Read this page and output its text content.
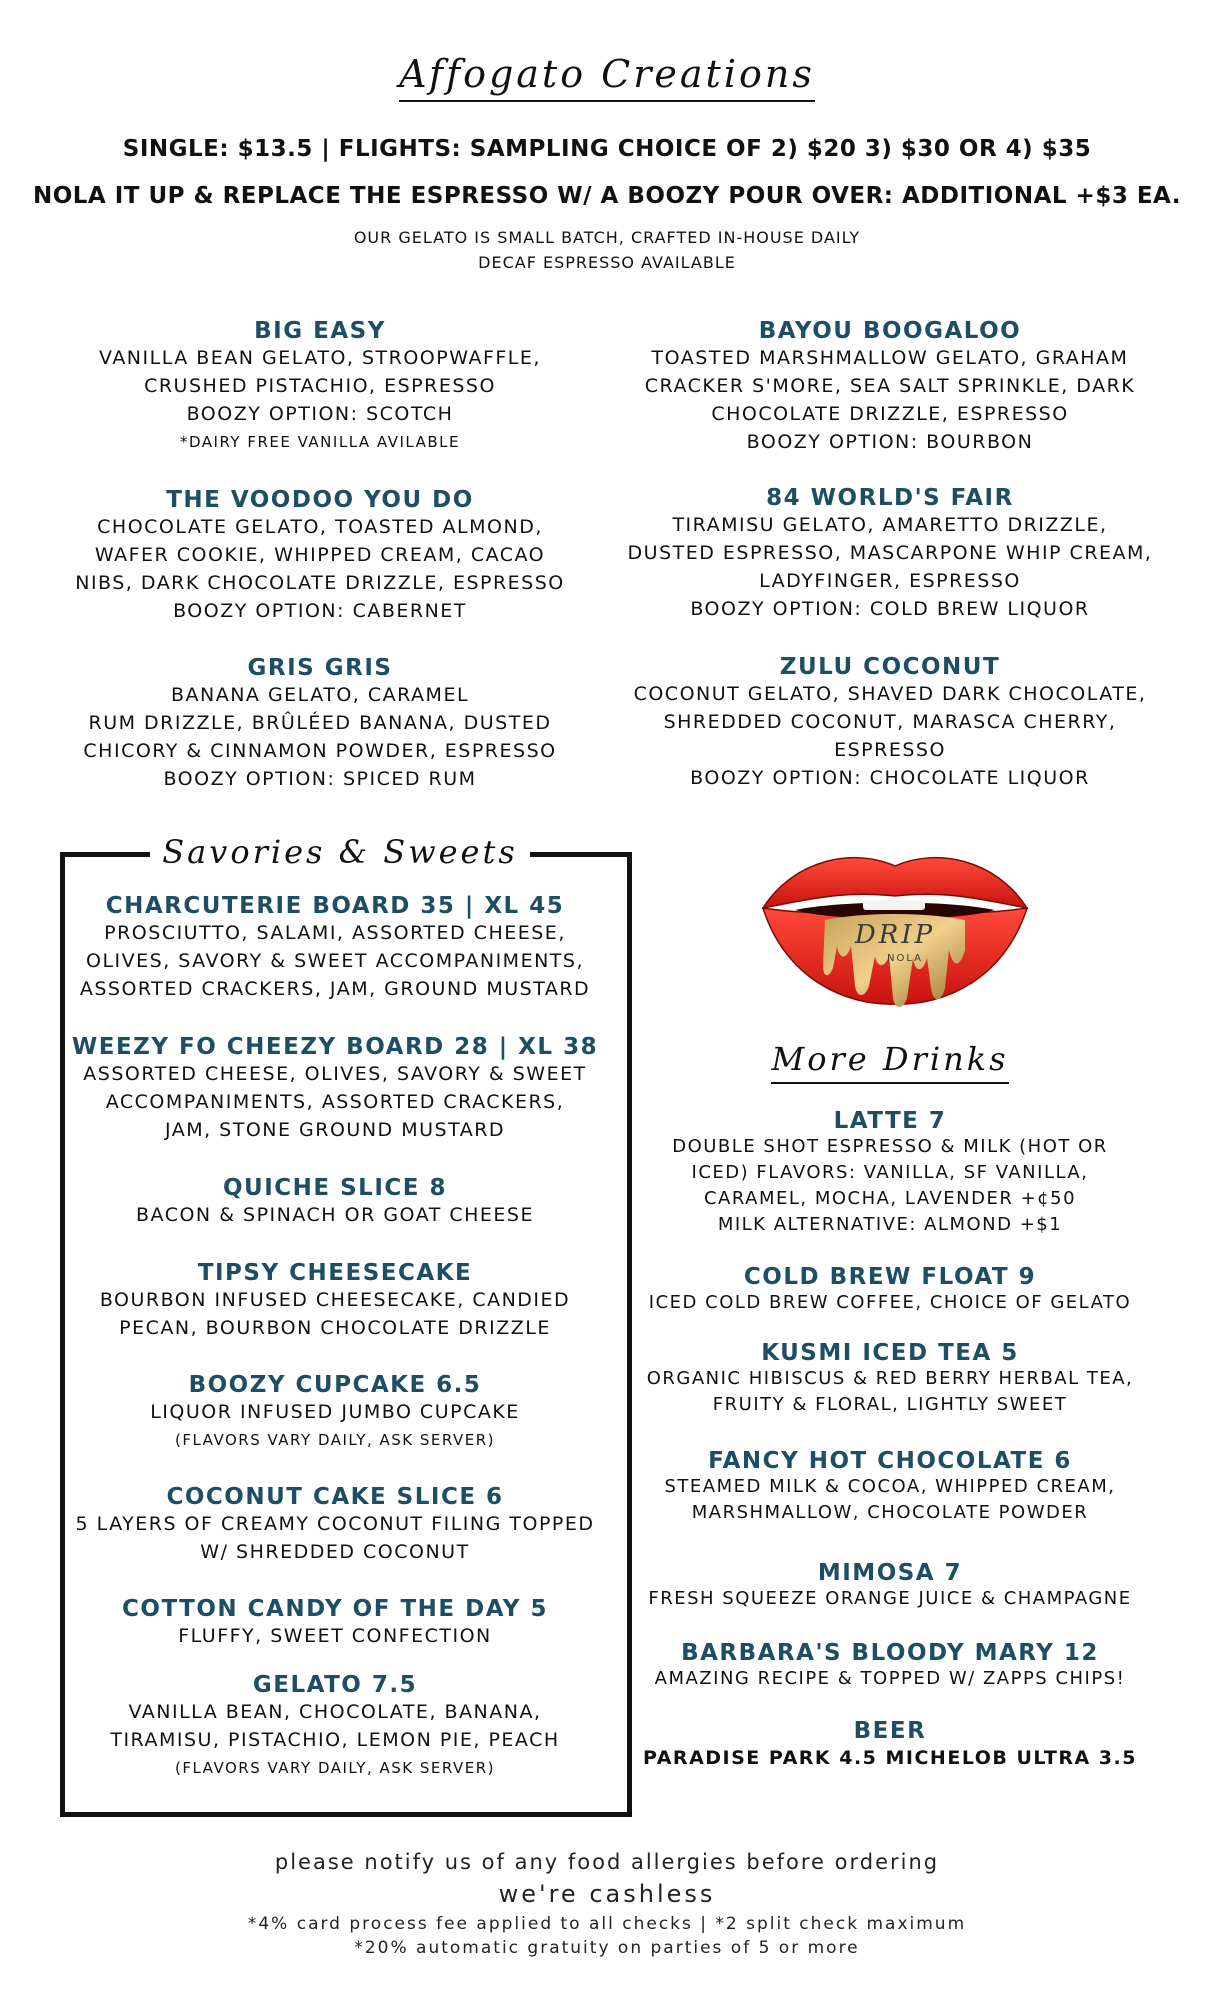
Affogato Creations
SINGLE: $13.5 | FLIGHTS: SAMPLING CHOICE OF 2) $20 3) $30 OR 4) $35
NOLA IT UP & REPLACE THE ESPRESSO W/ A BOOZY POUR OVER: ADDITIONAL +$3 EA.
OUR GELATO IS SMALL BATCH, CRAFTED IN-HOUSE DAILY
DECAF ESPRESSO AVAILABLE
BIG EASY
VANILLA BEAN GELATO, STROOPWAFFLE,
CRUSHED PISTACHIO, ESPRESSO
BOOZY OPTION: SCOTCH
*DAIRY FREE VANILLA AVILABLE
BAYOU BOOGALOO
TOASTED MARSHMALLOW GELATO, GRAHAM
CRACKER S'MORE, SEA SALT SPRINKLE, DARK
CHOCOLATE DRIZZLE, ESPRESSO
BOOZY OPTION: BOURBON
THE VOODOO YOU DO
CHOCOLATE GELATO, TOASTED ALMOND,
WAFER COOKIE, WHIPPED CREAM, CACAO
NIBS, DARK CHOCOLATE DRIZZLE, ESPRESSO
BOOZY OPTION: CABERNET
84 WORLD'S FAIR
TIRAMISU GELATO, AMARETTO DRIZZLE,
DUSTED ESPRESSO, MASCARPONE WHIP CREAM,
LADYFINGER, ESPRESSO
BOOZY OPTION: COLD BREW LIQUOR
GRIS GRIS
BANANA GELATO, CARAMEL
RUM DRIZZLE, BRÛLÉED BANANA, DUSTED
CHICORY & CINNAMON POWDER, ESPRESSO
BOOZY OPTION: SPICED RUM
ZULU COCONUT
COCONUT GELATO, SHAVED DARK CHOCOLATE,
SHREDDED COCONUT, MARASCA CHERRY,
ESPRESSO
BOOZY OPTION: CHOCOLATE LIQUOR
Savories & Sweets
CHARCUTERIE BOARD 35 | XL 45
PROSCIUTTO, SALAMI, ASSORTED CHEESE,
OLIVES, SAVORY & SWEET ACCOMPANIMENTS,
ASSORTED CRACKERS, JAM, GROUND MUSTARD
WEEZY FO CHEEZY BOARD 28 | XL 38
ASSORTED CHEESE, OLIVES, SAVORY & SWEET
ACCOMPANIMENTS, ASSORTED CRACKERS,
JAM, STONE GROUND MUSTARD
QUICHE SLICE 8
BACON & SPINACH OR GOAT CHEESE
TIPSY CHEESECAKE
BOURBON INFUSED CHEESECAKE, CANDIED
PECAN, BOURBON CHOCOLATE DRIZZLE
BOOZY CUPCAKE 6.5
LIQUOR INFUSED JUMBO CUPCAKE
(FLAVORS VARY DAILY, ASK SERVER)
COCONUT CAKE SLICE 6
5 LAYERS OF CREAMY COCONUT FILING TOPPED
W/ SHREDDED COCONUT
COTTON CANDY OF THE DAY 5
FLUFFY, SWEET CONFECTION
GELATO 7.5
VANILLA BEAN, CHOCOLATE, BANANA,
TIRAMISU, PISTACHIO, LEMON PIE, PEACH
(FLAVORS VARY DAILY, ASK SERVER)
DRIP
NOLA
More Drinks
LATTE 7
DOUBLE SHOT ESPRESSO & MILK (HOT OR
ICED) FLAVORS: VANILLA, SF VANILLA,
CARAMEL, MOCHA, LAVENDER +¢50
MILK ALTERNATIVE: ALMOND +$1
COLD BREW FLOAT 9
ICED COLD BREW COFFEE, CHOICE OF GELATO
KUSMI ICED TEA 5
ORGANIC HIBISCUS & RED BERRY HERBAL TEA,
FRUITY & FLORAL, LIGHTLY SWEET
FANCY HOT CHOCOLATE 6
STEAMED MILK & COCOA, WHIPPED CREAM,
MARSHMALLOW, CHOCOLATE POWDER
MIMOSA 7
FRESH SQUEEZE ORANGE JUICE & CHAMPAGNE
BARBARA'S BLOODY MARY 12
AMAZING RECIPE & TOPPED W/ ZAPPS CHIPS!
BEER
PARADISE PARK 4.5 MICHELOB ULTRA 3.5
please notify us of any food allergies before ordering
we're cashless
*4% card process fee applied to all checks | *2 split check maximum
*20% automatic gratuity on parties of 5 or more
